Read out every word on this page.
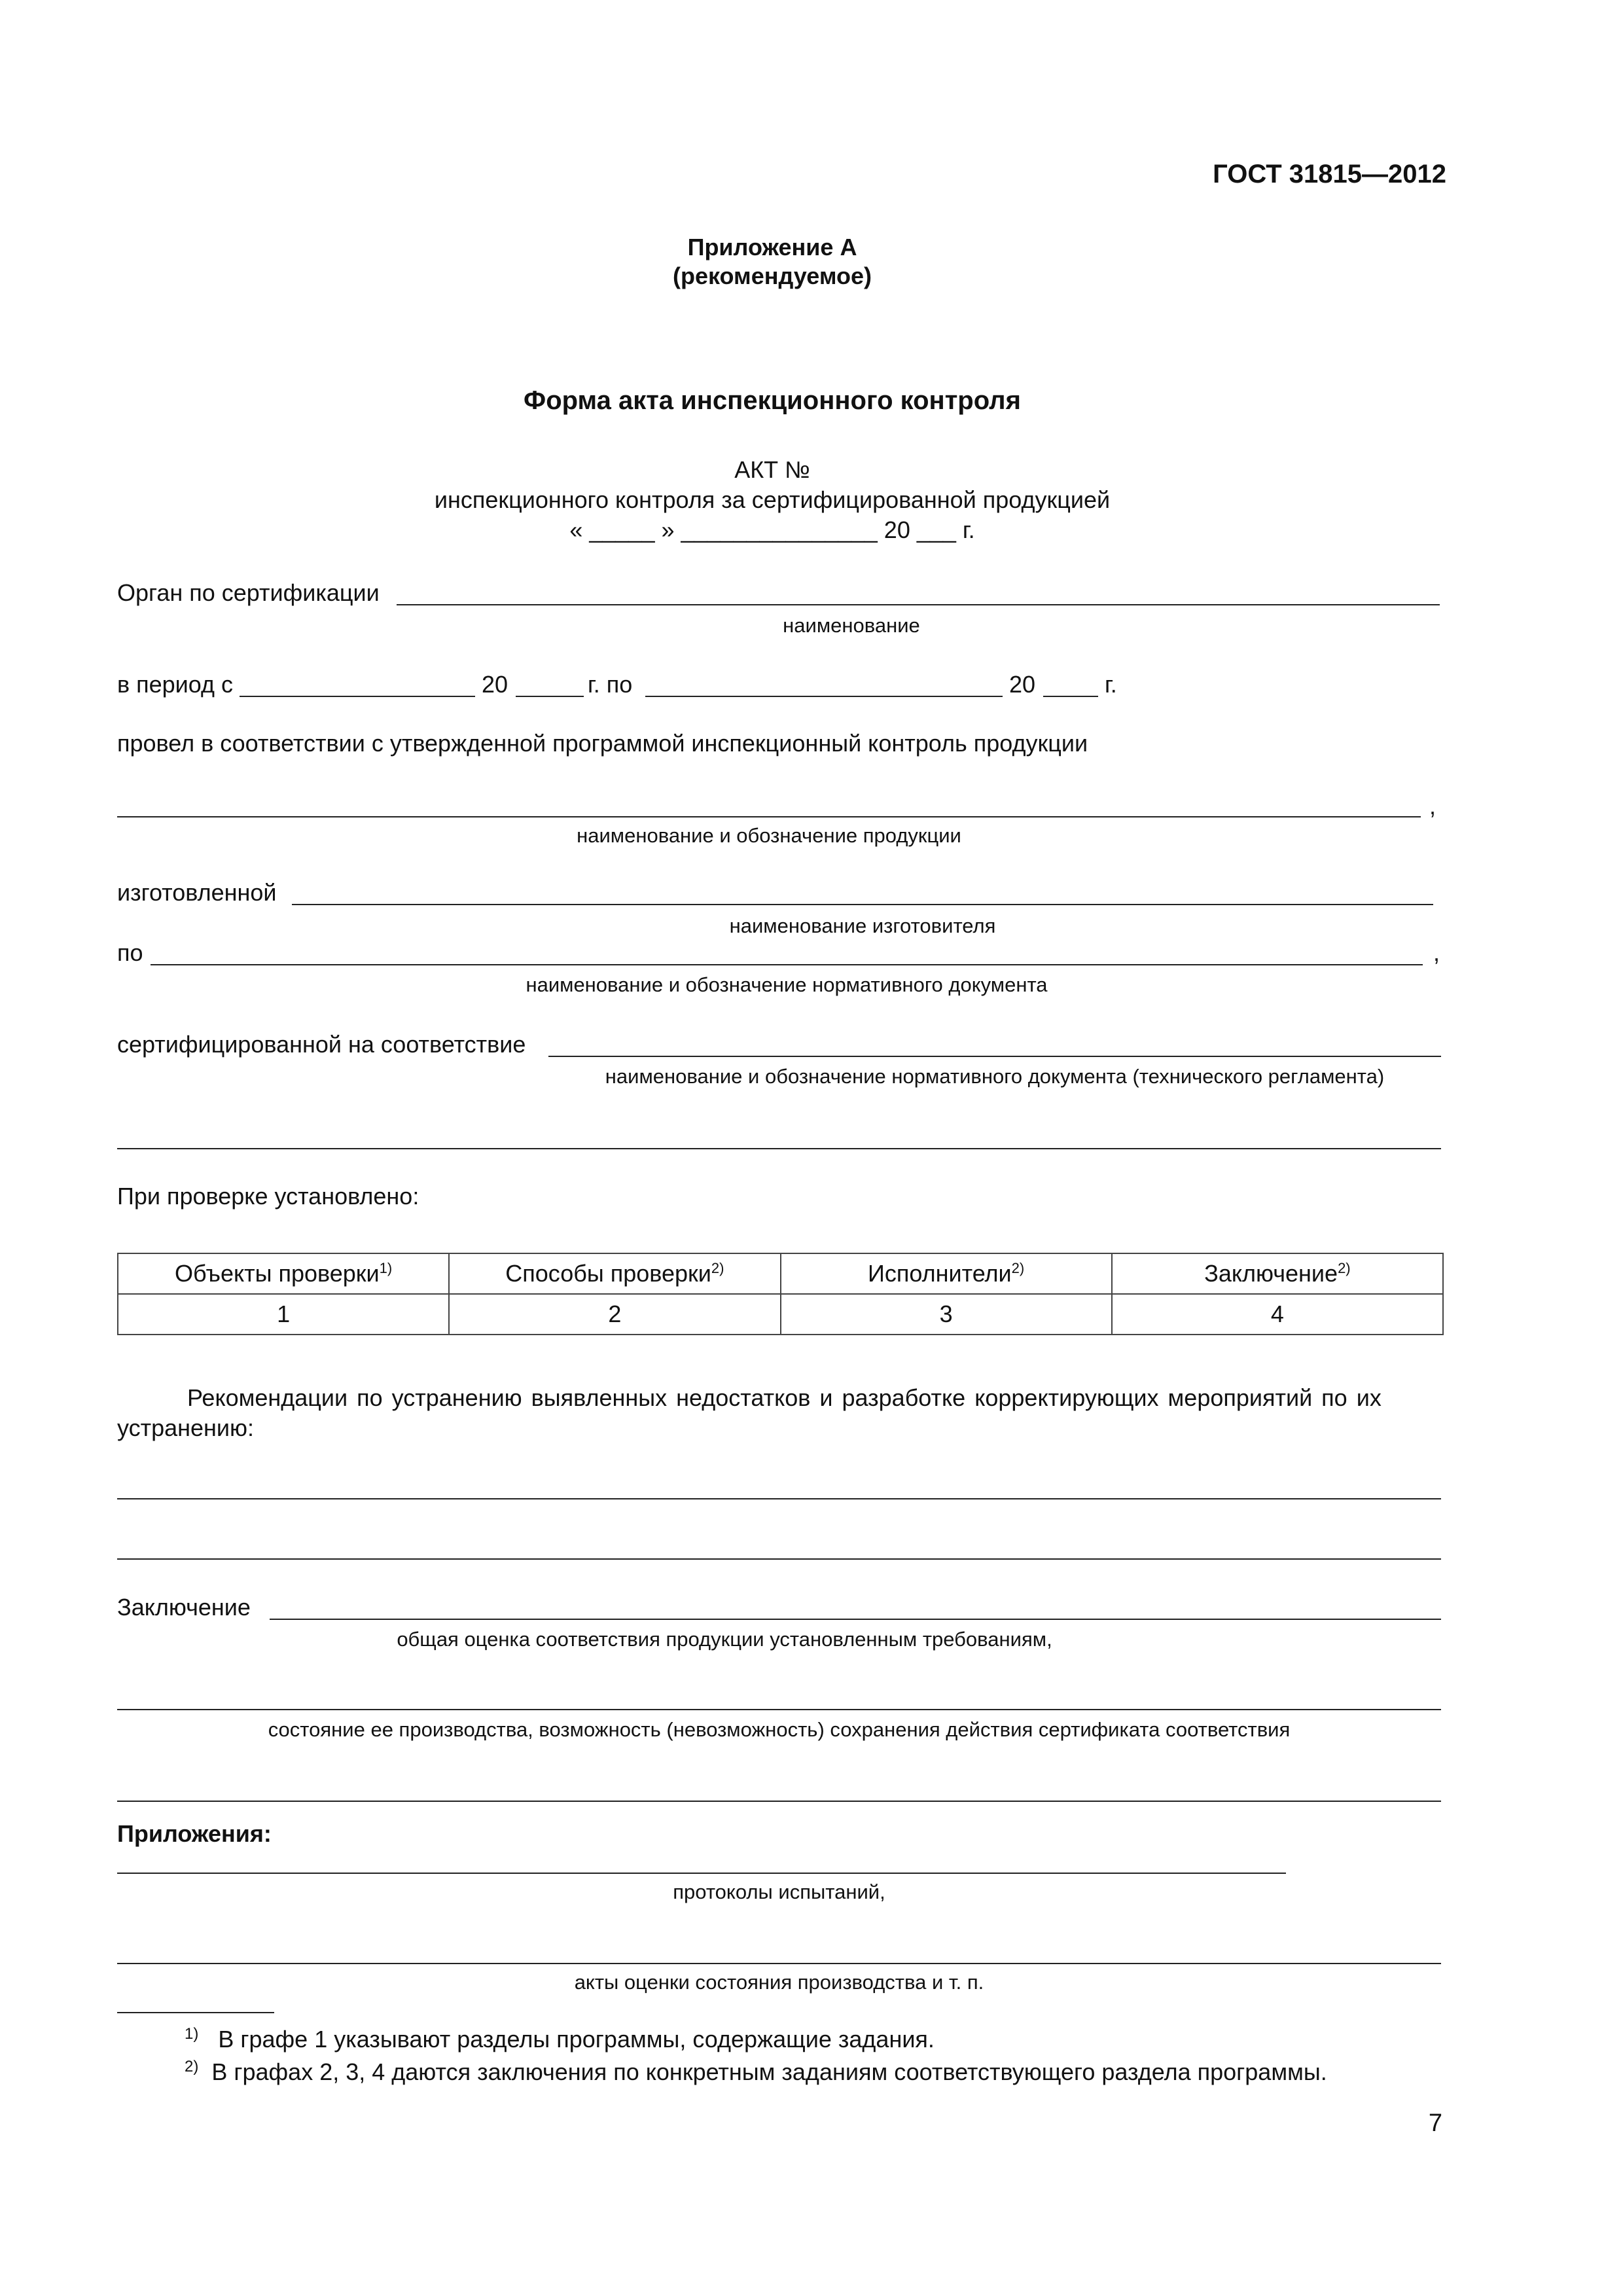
ГОСТ 31815—2012
Приложение А
(рекомендуемое)
Форма акта инспекционного контроля
АКТ №
инспекционного контроля за сертифицированной продукцией
« _____ » _______________ 20 ___ г.
Орган по сертификации
наименование
в период с	20	г. по	20	г.
провел в соответствии с утвержденной программой инспекционный контроль продукции
,
наименование и обозначение продукции
изготовленной
наименование изготовителя
по	,
наименование и обозначение нормативного документа
сертифицированной на соответствие
наименование и обозначение нормативного документа (технического регламента)
При проверке установлено:
Объекты проверки$^{1)}$	Способы проверки$^{2)}$	Исполнители$^{2)}$	Заключение$^{2)}$
1	2	3	4
Рекомендации по устранению выявленных недостатков и разработке корректирующих мероприятий по их
устранению:
Заключение
общая оценка соответствия продукции установленным требованиям,
состояние ее производства, возможность (невозможность) сохранения действия сертификата соответствия
Приложения:
протоколы испытаний,
акты оценки состояния производства и т. п.
$^{1)}$ В графе 1 указывают разделы программы, содержащие задания.
$^{2)}$ В графах 2, 3, 4 даются заключения по конкретным заданиям соответствующего раздела программы.
7
